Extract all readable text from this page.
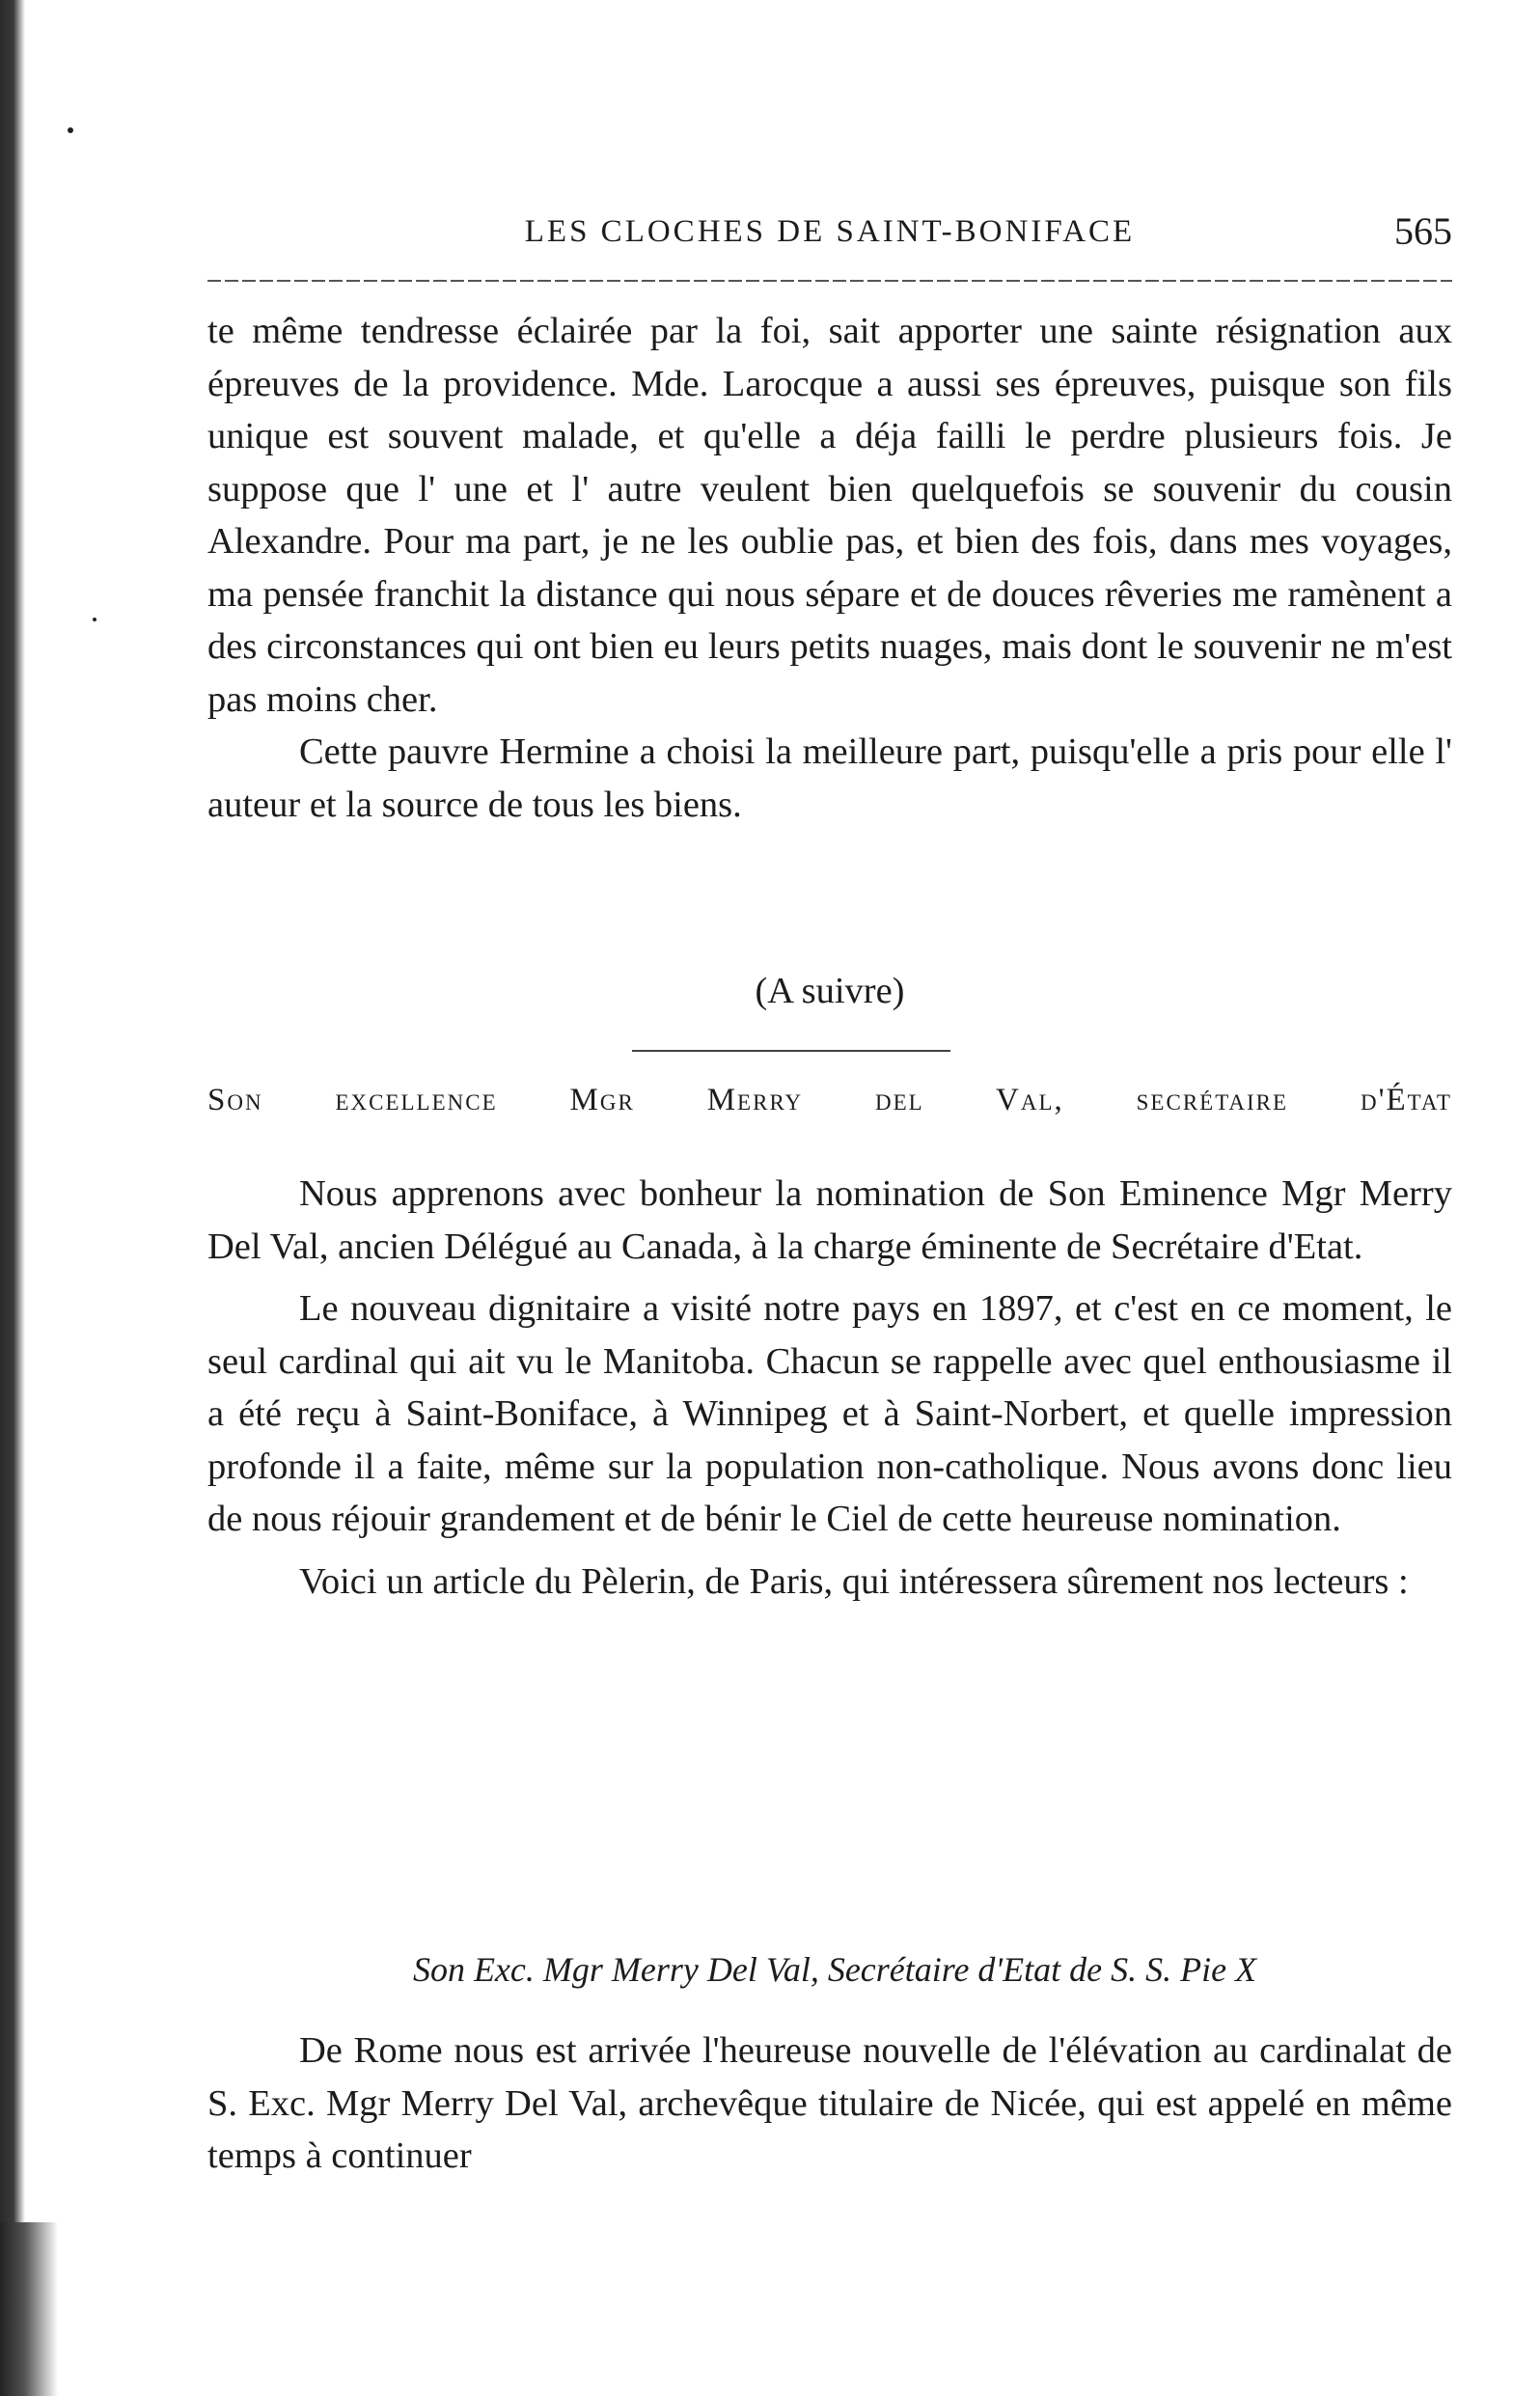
LES CLOCHES DE SAINT-BONIFACE	565

te même tendresse éclairée par la foi, sait apporter une sainte résignation aux épreuves de la providence. Mde. Larocque a aussi ses épreuves, puisque son fils unique est souvent malade, et qu'elle a déja failli le perdre plusieurs fois. Je suppose que l' une et l' autre veulent bien quelquefois se souvenir du cousin Alexandre. Pour ma part, je ne les oublie pas, et bien des fois, dans mes voyages, ma pensée franchit la distance qui nous sépare et de douces rêveries me ramènent a des circonstances qui ont bien eu leurs petits nuages, mais dont le souvenir ne m'est pas moins cher.

Cette pauvre Hermine a choisi la meilleure part, puisqu'elle a pris pour elle l' auteur et la source de tous les biens.

(A suivre)
Son excellence Mgr Merry del Val, secrétaire d'État

Nous apprenons avec bonheur la nomination de Son Eminence Mgr Merry Del Val, ancien Délégué au Canada, à la charge éminente de Secrétaire d'Etat.

Le nouveau dignitaire a visité notre pays en 1897, et c'est en ce moment, le seul cardinal qui ait vu le Manitoba. Chacun se rappelle avec quel enthousiasme il a été reçu à Saint-Boniface, à Winnipeg et à Saint-Norbert, et quelle impression profonde il a faite, même sur la population non-catholique. Nous avons donc lieu de nous réjouir grandement et de bénir le Ciel de cette heureuse nomination.

Voici un article du Pèlerin, de Paris, qui intéressera sûrement nos lecteurs :

Son Exc. Mgr Merry Del Val, Secrétaire d'Etat de S. S. Pie X

De Rome nous est arrivée l'heureuse nouvelle de l'élévation au cardinalat de S. Exc. Mgr Merry Del Val, archevêque titulaire de Nicée, qui est appelé en même temps à continuer
